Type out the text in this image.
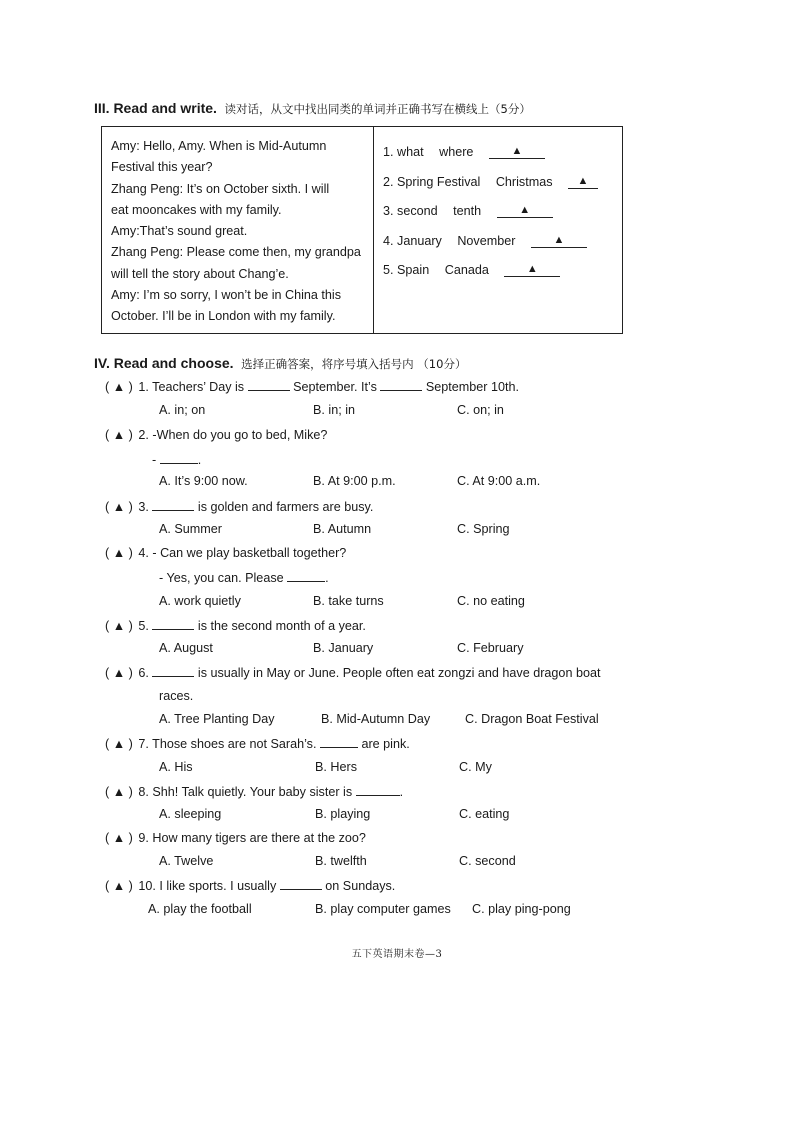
III. Read and write. 读对话，从文中找出同类的单词并正确书写在横线上（5分）
Amy: Hello, Amy. When is Mid-Autumn
Festival this year?
Zhang Peng: It’s on October sixth. I will
eat mooncakes with my family.
Amy:That’s sound great.
Zhang Peng: Please come then, my grandpa
will tell the story about Chang’e.
Amy: I’m so sorry, I won’t be in China this
October. I’ll be in London with my family.
1. what where	▲
2. Spring Festival Christmas ▲
3. second tenth	▲
4. January November	▲
5. Spain Canada	▲
IV. Read and choose. 选择正确答案，将序号填入括号内 （10分）
( ▲ ) 1. Teachers’ Day is	September. It’s	September 10th.
A. in; on	B. in; in	C. on; in
( ▲ ) 2. -When do you go to bed, Mike?
-	.
A. It’s 9:00 now.	B. At 9:00 p.m.	C. At 9:00 a.m.
( ▲ ) 3.	is golden and farmers are busy.
A. Summer	B. Autumn	C. Spring
( ▲ ) 4. - Can we play basketball together?
- Yes, you can. Please	.
A. work quietly	B. take turns	C. no eating
( ▲ ) 5.	is the second month of a year.
A. August	B. January	C. February
( ▲ ) 6.	is usually in May or June. People often eat zongzi and have dragon boat
races.
A. Tree Planting Day	B. Mid-Autumn Day	C. Dragon Boat Festival
( ▲ ) 7. Those shoes are not Sarah’s.	are pink.
A. His	B. Hers	C. My
( ▲ ) 8. Shh! Talk quietly. Your baby sister is	.
A. sleeping	B. playing	C. eating
( ▲ ) 9. How many tigers are there at the zoo?
A. Twelve	B. twelfth	C. second
( ▲ ) 10. I like sports. I usually	on Sundays.
A. play the football	B. play computer games C. play ping-pong
五下英语期末卷—3
